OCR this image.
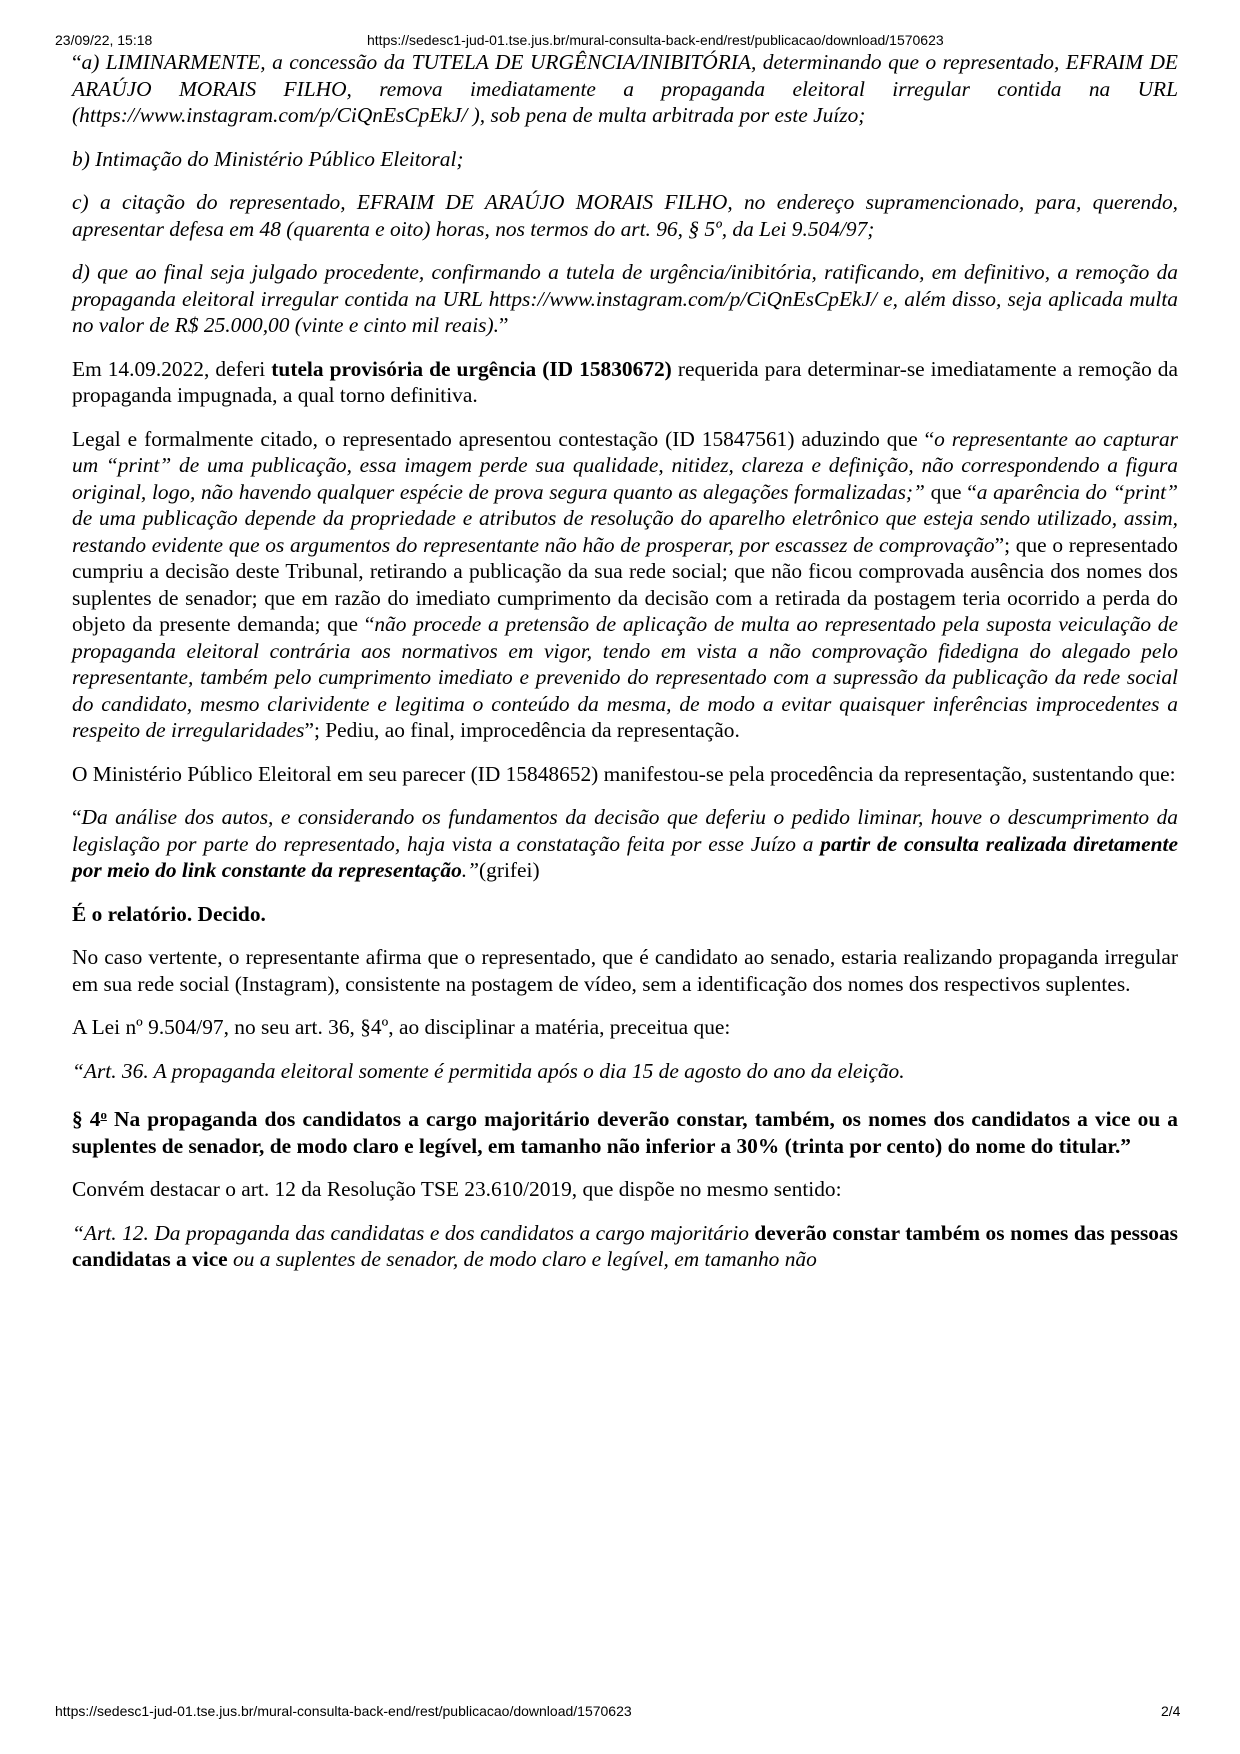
23/09/22, 15:18	https://sedesc1-jud-01.tse.jus.br/mural-consulta-back-end/rest/publicacao/download/1570623

“a) LIMINARMENTE, a concessão da TUTELA DE URGÊNCIA/INIBITÓRIA, determinando que o representado, EFRAIM DE ARAÚJO MORAIS FILHO, remova imediatamente a propaganda eleitoral irregular contida na URL (https://www.instagram.com/p/CiQnEsCpEkJ/ ), sob pena de multa arbitrada por este Juízo;

b) Intimação do Ministério Público Eleitoral;

c) a citação do representado, EFRAIM DE ARAÚJO MORAIS FILHO, no endereço supramencionado, para, querendo, apresentar defesa em 48 (quarenta e oito) horas, nos termos do art. 96, § 5º, da Lei 9.504/97;

d) que ao final seja julgado procedente, confirmando a tutela de urgência/inibitória, ratificando, em definitivo, a remoção da propaganda eleitoral irregular contida na URL https://www.instagram.com/p/CiQnEsCpEkJ/ e, além disso, seja aplicada multa no valor de R$ 25.000,00 (vinte e cinto mil reais).”

Em 14.09.2022, deferi tutela provisória de urgência (ID 15830672) requerida para determinar-se imediatamente a remoção da propaganda impugnada, a qual torno definitiva.

Legal e formalmente citado, o representado apresentou contestação (ID 15847561) aduzindo que “o representante ao capturar um “print” de uma publicação, essa imagem perde sua qualidade, nitidez, clareza e definição, não correspondendo a figura original, logo, não havendo qualquer espécie de prova segura quanto as alegações formalizadas;” que “a aparência do “print” de uma publicação depende da propriedade e atributos de resolução do aparelho eletrônico que esteja sendo utilizado, assim, restando evidente que os argumentos do representante não hão de prosperar, por escassez de comprovação”; que o representado cumpriu a decisão deste Tribunal, retirando a publicação da sua rede social; que não ficou comprovada ausência dos nomes dos suplentes de senador; que em razão do imediato cumprimento da decisão com a retirada da postagem teria ocorrido a perda do objeto da presente demanda; que “não procede a pretensão de aplicação de multa ao representado pela suposta veiculação de propaganda eleitoral contrária aos normativos em vigor, tendo em vista a não comprovação fidedigna do alegado pelo representante, também pelo cumprimento imediato e prevenido do representado com a supressão da publicação da rede social do candidato, mesmo clarividente e legitima o conteúdo da mesma, de modo a evitar quaisquer inferências improcedentes a respeito de irregularidades”; Pediu, ao final, improcedência da representação.

O Ministério Público Eleitoral em seu parecer (ID 15848652) manifestou-se pela procedência da representação, sustentando que:

“Da análise dos autos, e considerando os fundamentos da decisão que deferiu o pedido liminar, houve o descumprimento da legislação por parte do representado, haja vista a constatação feita por esse Juízo a partir de consulta realizada diretamente por meio do link constante da representação.”(grifei)

É o relatório. Decido.

No caso vertente, o representante afirma que o representado, que é candidato ao senado, estaria realizando propaganda irregular em sua rede social (Instagram), consistente na postagem de vídeo, sem a identificação dos nomes dos respectivos suplentes.

A Lei nº 9.504/97, no seu art. 36, §4º, ao disciplinar a matéria, preceitua que:

“Art. 36. A propaganda eleitoral somente é permitida após o dia 15 de agosto do ano da eleição.

§ 4$^o$ Na propaganda dos candidatos a cargo majoritário deverão constar, também, os nomes dos candidatos a vice ou a suplentes de senador, de modo claro e legível, em tamanho não inferior a 30% (trinta por cento) do nome do titular.”

Convém destacar o art. 12 da Resolução TSE 23.610/2019, que dispõe no mesmo sentido:

“Art. 12. Da propaganda das candidatas e dos candidatos a cargo majoritário deverão constar também os nomes das pessoas candidatas a vice ou a suplentes de senador, de modo claro e legível, em tamanho não

https://sedesc1-jud-01.tse.jus.br/mural-consulta-back-end/rest/publicacao/download/1570623	2/4
